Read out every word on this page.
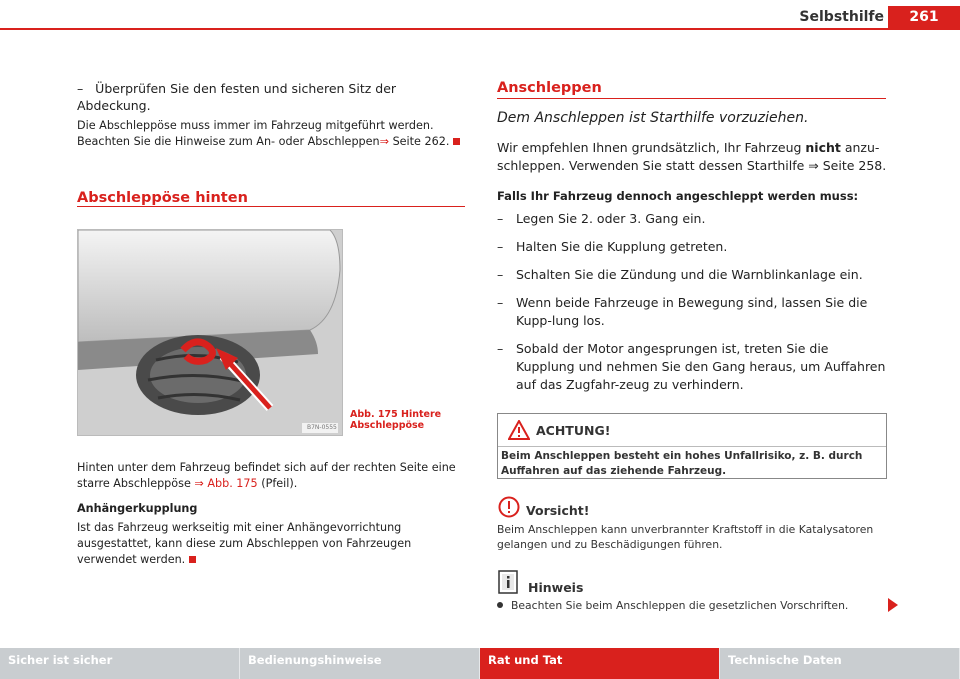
Selbsthilfe	261
– Überprüfen Sie den festen und sicheren Sitz der Abdeckung.
Die Abschleppöse muss immer im Fahrzeug mitgeführt werden. Beachten Sie die Hinweise zum An- oder Abschleppen⇒ Seite 262.
Abschleppöse hinten
B7N-0555
Abb. 175 Hintere
Abschleppöse
Hinten unter dem Fahrzeug befindet sich auf der rechten Seite eine starre Abschleppöse ⇒ Abb. 175 (Pfeil).
Anhängerkupplung
Ist das Fahrzeug werkseitig mit einer Anhängevorrichtung ausgestattet, kann diese zum Abschleppen von Fahrzeugen verwendet werden.
Anschleppen
Dem Anschleppen ist Starthilfe vorzuziehen.
Wir empfehlen Ihnen grundsätzlich, Ihr Fahrzeug nicht anzu-schleppen. Verwenden Sie statt dessen Starthilfe ⇒ Seite 258.
Falls Ihr Fahrzeug dennoch angeschleppt werden muss:
– Legen Sie 2. oder 3. Gang ein.
– Halten Sie die Kupplung getreten.
– Schalten Sie die Zündung und die Warnblinkanlage ein.
– Wenn beide Fahrzeuge in Bewegung sind, lassen Sie die Kupp-lung los.
– Sobald der Motor angesprungen ist, treten Sie die Kupplung und nehmen Sie den Gang heraus, um Auffahren auf das Zugfahr-zeug zu verhindern.
ACHTUNG!
Beim Anschleppen besteht ein hohes Unfallrisiko, z. B. durch Auffahren auf das ziehende Fahrzeug.
Vorsicht!
Beim Anschleppen kann unverbrannter Kraftstoff in die Katalysatoren gelangen und zu Beschädigungen führen.
Hinweis
Beachten Sie beim Anschleppen die gesetzlichen Vorschriften.
Sicher ist sicher	Bedienungshinweise	Rat und Tat	Technische Daten
